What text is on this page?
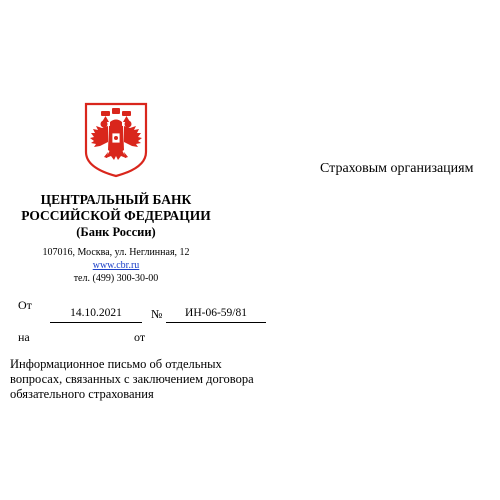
Страховым организациям
ЦЕНТРАЛЬНЫЙ БАНК
РОССИЙСКОЙ ФЕДЕРАЦИИ
(Банк России)
107016, Москва, ул. Неглинная, 12
www.cbr.ru
тел. (499) 300-30-00
От
14.10.2021	№	ИН-06-59/81
на	от
Информационное письмо об отдельных
вопросах, связанных с заключением договора
обязательного страхования
